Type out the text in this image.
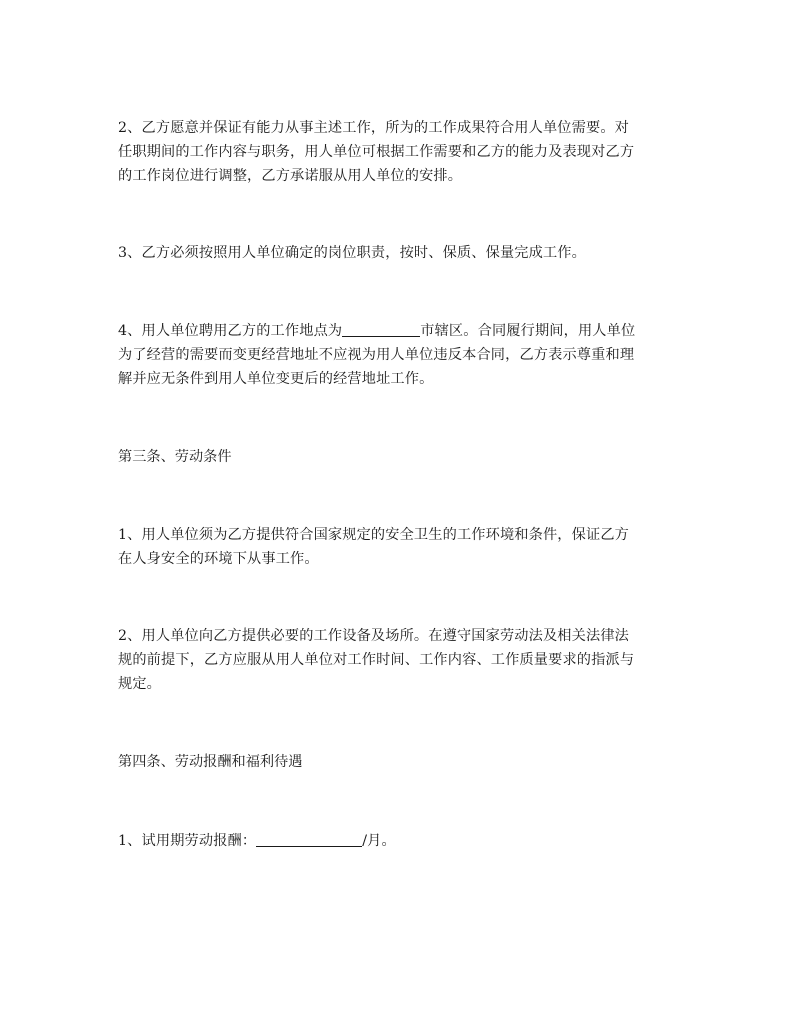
2、乙方愿意并保证有能力从事主述工作，所为的工作成果符合用人单位需要。对
任职期间的工作内容与职务，用人单位可根据工作需要和乙方的能力及表现对乙方
的工作岗位进行调整，乙方承诺服从用人单位的安排。

3、乙方必须按照用人单位确定的岗位职责，按时、保质、保量完成工作。

4、用人单位聘用乙方的工作地点为	市辖区。合同履行期间，用人单位
为了经营的需要而变更经营地址不应视为用人单位违反本合同，乙方表示尊重和理
解并应无条件到用人单位变更后的经营地址工作。

第三条、劳动条件

1、用人单位须为乙方提供符合国家规定的安全卫生的工作环境和条件，保证乙方
在人身安全的环境下从事工作。

2、用人单位向乙方提供必要的工作设备及场所。在遵守国家劳动法及相关法律法
规的前提下，乙方应服从用人单位对工作时间、工作内容、工作质量要求的指派与
规定。

第四条、劳动报酬和福利待遇

1、试用期劳动报酬：	/月。
